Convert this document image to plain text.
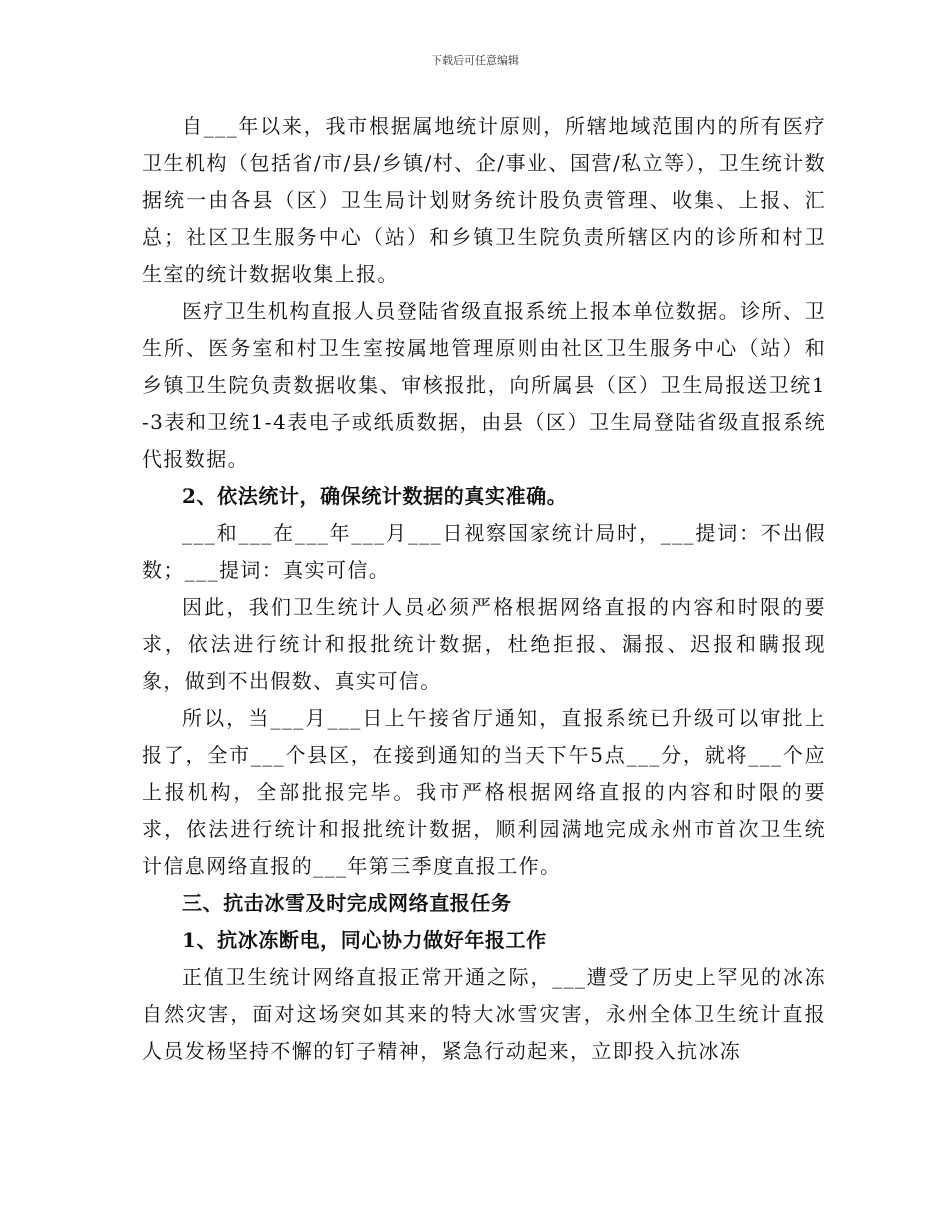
下载后可任意编辑

自___年以来，我市根据属地统计原则，所辖地域范围内的所有医疗卫生机构（包括省/市/县/乡镇/村、企/事业、国营/私立等），卫生统计数据统一由各县（区）卫生局计划财务统计股负责管理、收集、上报、汇总；社区卫生服务中心（站）和乡镇卫生院负责所辖区内的诊所和村卫生室的统计数据收集上报。

医疗卫生机构直报人员登陆省级直报系统上报本单位数据。诊所、卫生所、医务室和村卫生室按属地管理原则由社区卫生服务中心（站）和乡镇卫生院负责数据收集、审核报批，向所属县（区）卫生局报送卫统1-3表和卫统1-4表电子或纸质数据，由县（区）卫生局登陆省级直报系统代报数据。

2、依法统计，确保统计数据的真实准确。

___和___在___年___月___日视察国家统计局时，___提词：不出假数；___提词：真实可信。

因此，我们卫生统计人员必须严格根据网络直报的内容和时限的要求，依法进行统计和报批统计数据，杜绝拒报、漏报、迟报和瞒报现象，做到不出假数、真实可信。

所以，当___月___日上午接省厅通知，直报系统已升级可以审批上报了，全市___个县区，在接到通知的当天下午5点___分，就将___个应上报机构，全部批报完毕。我市严格根据网络直报的内容和时限的要求，依法进行统计和报批统计数据，顺利园满地完成永州市首次卫生统计信息网络直报的___年第三季度直报工作。

三、抗击冰雪及时完成网络直报任务

1、抗冰冻断电，同心协力做好年报工作

正值卫生统计网络直报正常开通之际，___遭受了历史上罕见的冰冻自然灾害，面对这场突如其来的特大冰雪灾害，永州全体卫生统计直报人员发杨坚持不懈的钉子精神，紧急行动起来，立即投入抗冰冻
